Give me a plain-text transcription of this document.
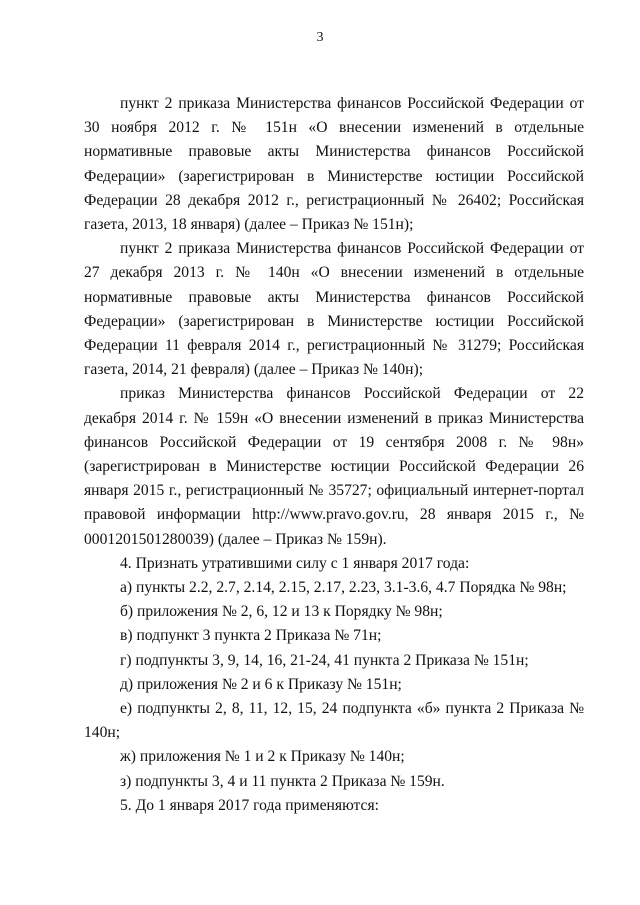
3

пункт 2 приказа Министерства финансов Российской Федерации от 30 ноября 2012 г. № 151н «О внесении изменений в отдельные нормативные правовые акты Министерства финансов Российской Федерации» (зарегистрирован в Министерстве юстиции Российской Федерации 28 декабря 2012 г., регистрационный № 26402; Российская газета, 2013, 18 января) (далее – Приказ № 151н);

пункт 2 приказа Министерства финансов Российской Федерации от 27 декабря 2013 г. № 140н «О внесении изменений в отдельные нормативные правовые акты Министерства финансов Российской Федерации» (зарегистрирован в Министерстве юстиции Российской Федерации 11 февраля 2014 г., регистрационный № 31279; Российская газета, 2014, 21 февраля) (далее – Приказ № 140н);

приказ Министерства финансов Российской Федерации от 22 декабря 2014 г. № 159н «О внесении изменений в приказ Министерства финансов Российской Федерации от 19 сентября 2008 г. № 98н» (зарегистрирован в Министерстве юстиции Российской Федерации 26 января 2015 г., регистрационный № 35727; официальный интернет-портал правовой информации http://www.pravo.gov.ru, 28 января 2015 г., № 0001201501280039) (далее – Приказ № 159н).

4. Признать утратившими силу с 1 января 2017 года:

а) пункты 2.2, 2.7, 2.14, 2.15, 2.17, 2.23, 3.1-3.6, 4.7 Порядка № 98н;

б) приложения № 2, 6, 12 и 13 к Порядку № 98н;

в) подпункт 3 пункта 2 Приказа № 71н;

г) подпункты 3, 9, 14, 16, 21-24, 41 пункта 2 Приказа № 151н;

д) приложения № 2 и 6 к Приказу № 151н;

е) подпункты 2, 8, 11, 12, 15, 24 подпункта «б» пункта 2 Приказа № 140н;

ж) приложения № 1 и 2 к Приказу № 140н;

з) подпункты 3, 4 и 11 пункта 2 Приказа № 159н.

5. До 1 января 2017 года применяются:
